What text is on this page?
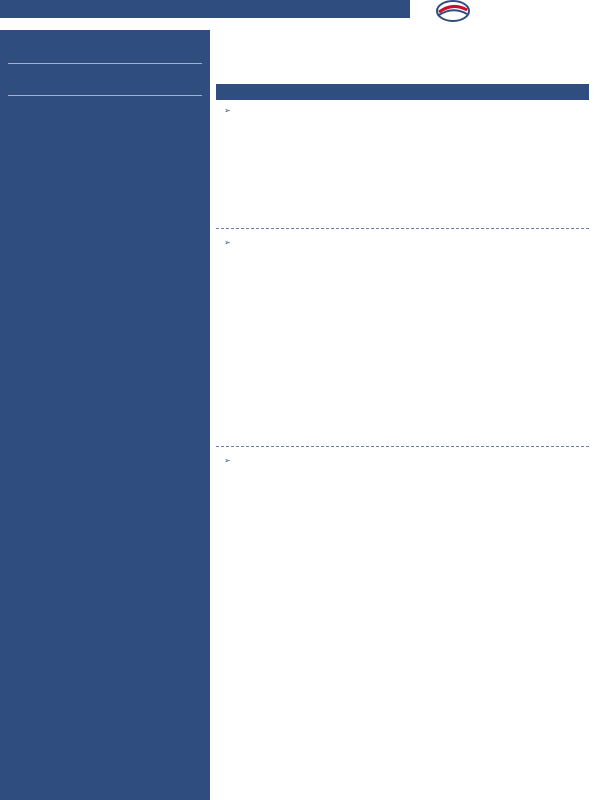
➢
➢
➢
